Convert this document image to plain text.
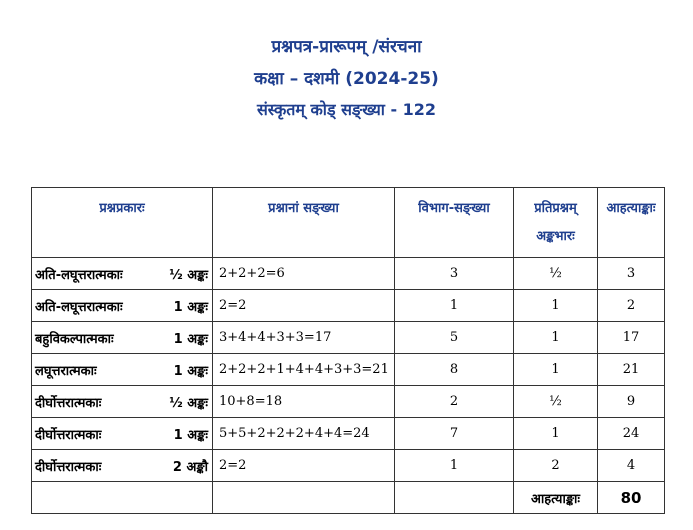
प्रश्नपत्र-प्रारूपम् /संरचना
कक्षा – दशमी (2024-25)
संस्कृतम् कोड् सङ्ख्या - 122
प्रश्नप्रकारः	प्रश्नानां सङ्ख्या	विभाग-सङ्ख्या	प्रतिप्रश्नम् अङ्कभारः	आहत्याङ्काः
अति-लघूत्तरात्मकाः ½ अङ्कः	2+2+2=6	3	½	3
अति-लघूत्तरात्मकाः 1 अङ्कः	2=2	1	1	2
बहुविकल्पात्मकाः 1 अङ्कः	3+4+4+3+3=17	5	1	17
लघूत्तरात्मकाः 1 अङ्कः	2+2+2+1+4+4+3+3=21	8	1	21
दीर्घोत्तरात्मकाः ½ अङ्कः	10+8=18	2	½	9
दीर्घोत्तरात्मकाः 1 अङ्कः	5+5+2+2+2+4+4=24	7	1	24
दीर्घोत्तरात्मकाः 2 अङ्कौ	2=2	1	2	4
			आहत्याङ्काः	80
